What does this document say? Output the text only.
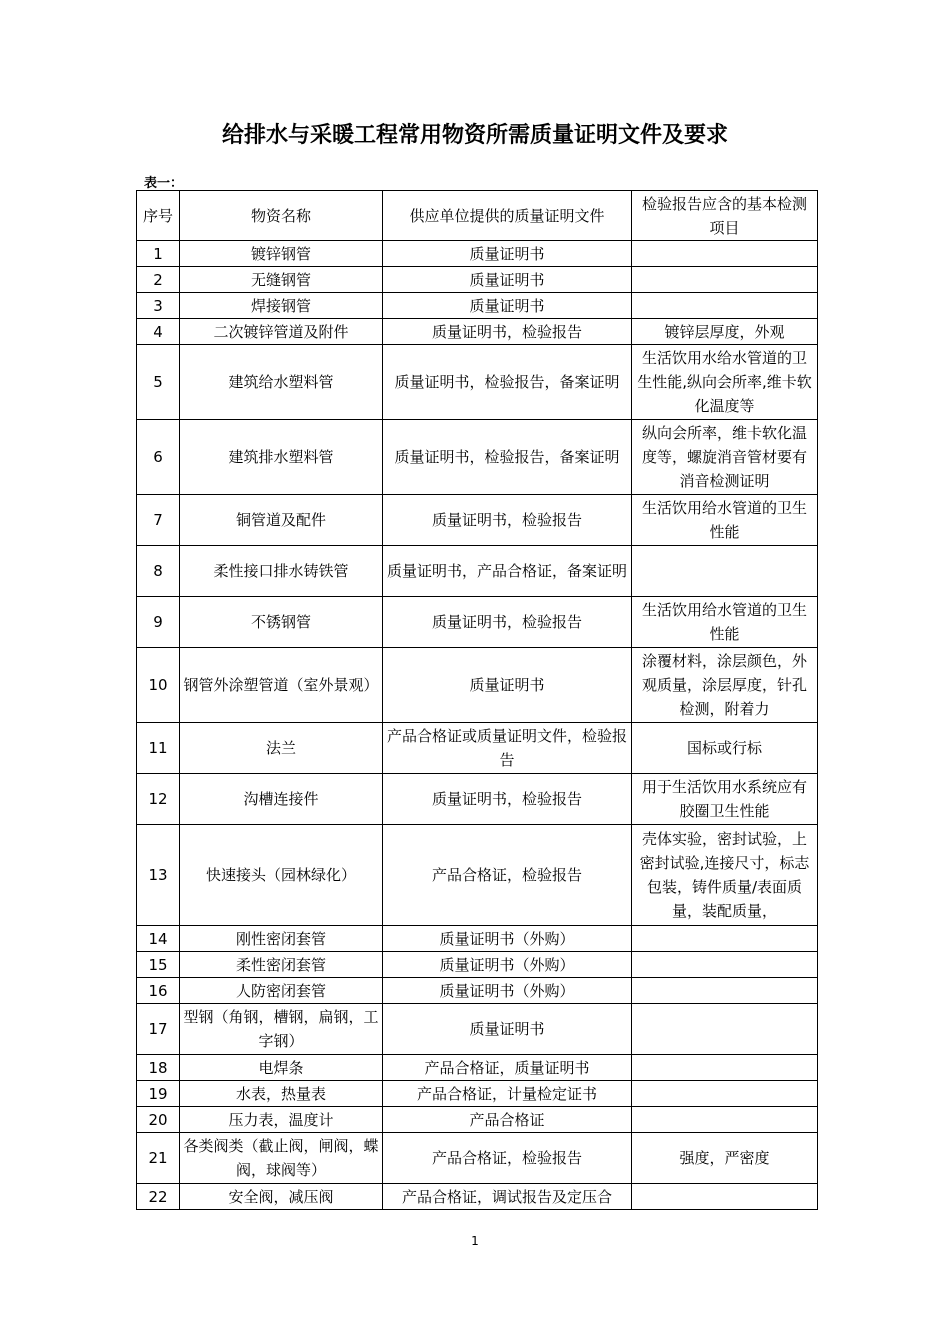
给排水与采暖工程常用物资所需质量证明文件及要求
表一：
序号	物资名称	供应单位提供的质量证明文件	检验报告应含的基本检测项目
1	镀锌钢管	质量证明书	
2	无缝钢管	质量证明书	
3	焊接钢管	质量证明书	
4	二次镀锌管道及附件	质量证明书，检验报告	镀锌层厚度，外观
5	建筑给水塑料管	质量证明书，检验报告，备案证明	生活饮用水给水管道的卫生性能,纵向会所率,维卡软化温度等
6	建筑排水塑料管	质量证明书，检验报告，备案证明	纵向会所率，维卡软化温度等，螺旋消音管材要有消音检测证明
7	铜管道及配件	质量证明书，检验报告	生活饮用给水管道的卫生性能
8	柔性接口排水铸铁管	质量证明书，产品合格证，备案证明	
9	不锈钢管	质量证明书，检验报告	生活饮用给水管道的卫生性能
10	钢管外涂塑管道（室外景观）	质量证明书	涂覆材料，涂层颜色，外观质量，涂层厚度，针孔检测，附着力
11	法兰	产品合格证或质量证明文件，检验报告	国标或行标
12	沟槽连接件	质量证明书，检验报告	用于生活饮用水系统应有胶圈卫生性能
13	快速接头（园林绿化）	产品合格证，检验报告	壳体实验，密封试验，上密封试验,连接尺寸，标志包装，铸件质量/表面质量，装配质量，
14	刚性密闭套管	质量证明书（外购）	
15	柔性密闭套管	质量证明书（外购）	
16	人防密闭套管	质量证明书（外购）	
17	型钢（角钢，槽钢，扁钢，工字钢）	质量证明书	
18	电焊条	产品合格证，质量证明书	
19	水表，热量表	产品合格证，计量检定证书	
20	压力表，温度计	产品合格证	
21	各类阀类（截止阀，闸阀，蝶阀，球阀等）	产品合格证，检验报告	强度，严密度
22	安全阀，减压阀	产品合格证，调试报告及定压合	
1
